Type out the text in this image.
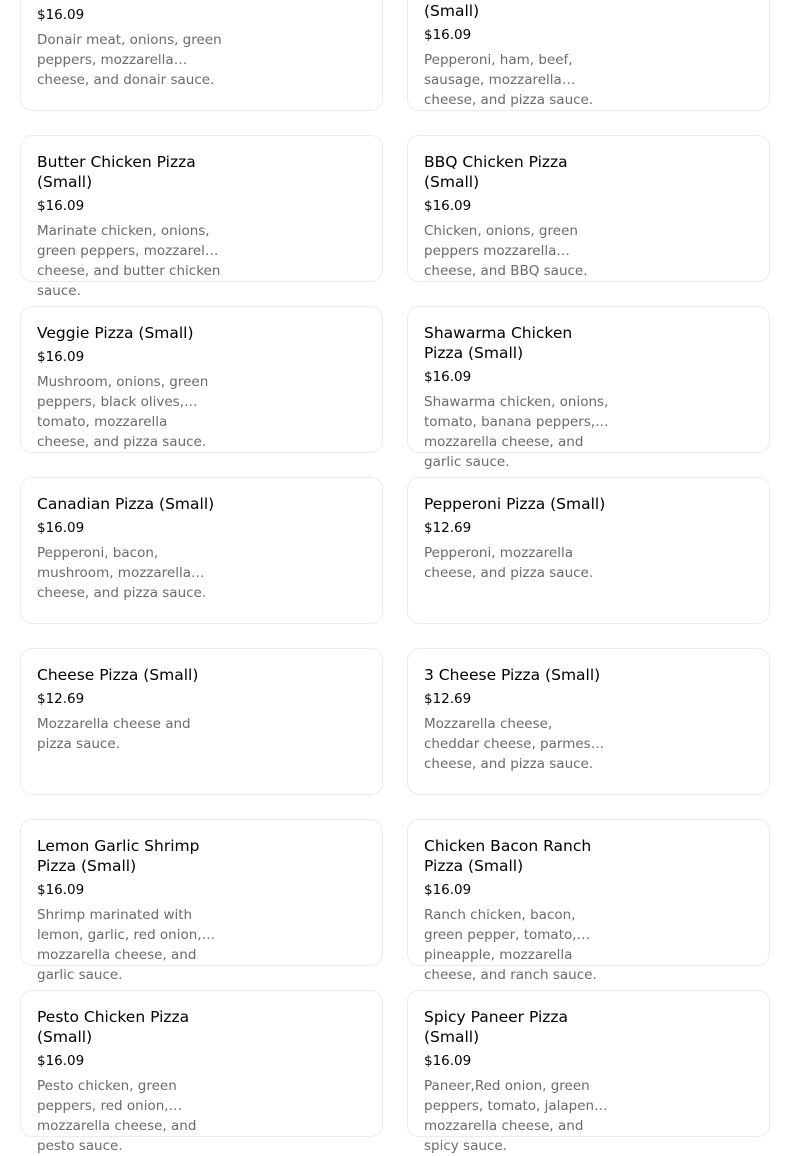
$16.09
Donair meat, onions, green peppers, mozzarella cheese, and donair sauce.
(Small)
$16.09
Pepperoni, ham, beef, sausage, mozzarella cheese, and pizza sauce.
Butter Chicken Pizza (Small)
$16.09
Marinate chicken, onions, green peppers, mozzarella cheese, and butter chicken sauce.
BBQ Chicken Pizza (Small)
$16.09
Chicken, onions, green peppers mozzarella cheese, and BBQ sauce.
Veggie Pizza (Small)
$16.09
Mushroom, onions, green peppers, black olives, tomato, mozzarella cheese, and pizza sauce.
Shawarma Chicken Pizza (Small)
$16.09
Shawarma chicken, onions, tomato, banana peppers, mozzarella cheese, and garlic sauce.
Canadian Pizza (Small)
$16.09
Pepperoni, bacon, mushroom, mozzarella cheese, and pizza sauce.
Pepperoni Pizza (Small)
$12.69
Pepperoni, mozzarella cheese, and pizza sauce.
Cheese Pizza (Small)
$12.69
Mozzarella cheese and pizza sauce.
3 Cheese Pizza (Small)
$12.69
Mozzarella cheese, cheddar cheese, parmesan cheese, and pizza sauce.
Lemon Garlic Shrimp Pizza (Small)
$16.09
Shrimp marinated with lemon, garlic, red onion, mozzarella cheese, and garlic sauce.
Chicken Bacon Ranch Pizza (Small)
$16.09
Ranch chicken, bacon, green pepper, tomato, pineapple, mozzarella cheese, and ranch sauce.
Pesto Chicken Pizza (Small)
$16.09
Pesto chicken, green peppers, red onion, mozzarella cheese, and pesto sauce.
Spicy Paneer Pizza (Small)
$16.09
Paneer,Red onion, green peppers, tomato, jalapeno, mozzarella cheese, and spicy sauce.
